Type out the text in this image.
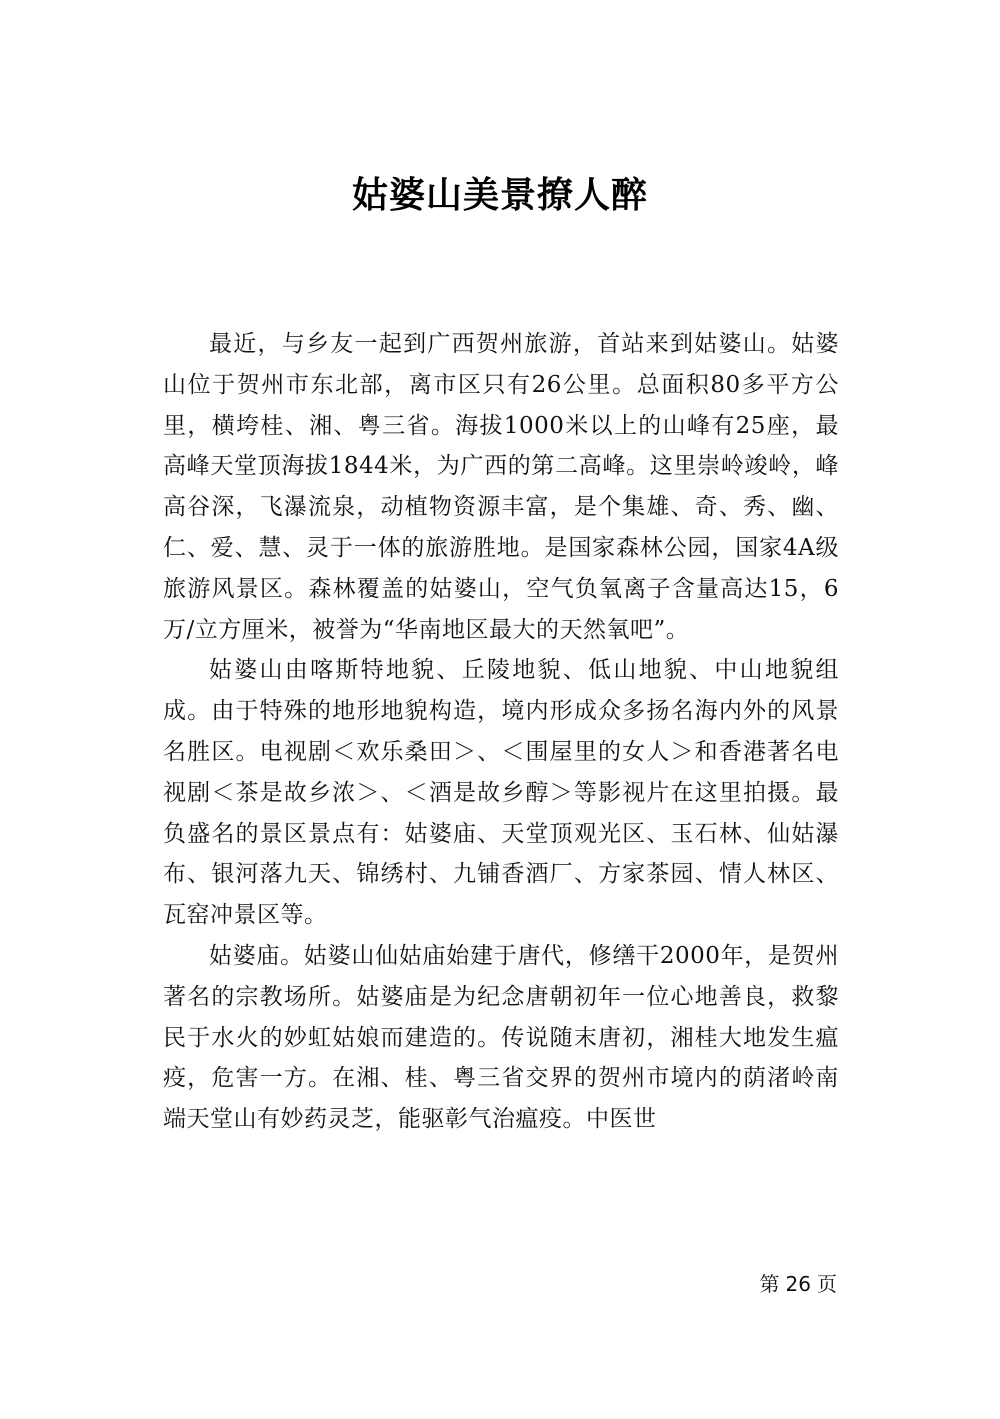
姑婆山美景撩人醉

最近，与乡友一起到广西贺州旅游，首站来到姑婆山。姑婆山位于贺州市东北部，离市区只有26公里。总面积80多平方公里，横垮桂、湘、粤三省。海拔1000米以上的山峰有25座，最高峰天堂顶海拔1844米，为广西的第二高峰。这里崇岭竣岭，峰高谷深，飞瀑流泉，动植物资源丰富，是个集雄、奇、秀、幽、仁、爱、慧、灵于一体的旅游胜地。是国家森林公园，国家4A级旅游风景区。森林覆盖的姑婆山，空气负氧离子含量高达15，6万/立方厘米，被誉为“华南地区最大的天然氧吧”。

姑婆山由喀斯特地貌、丘陵地貌、低山地貌、中山地貌组成。由于特殊的地形地貌构造，境内形成众多扬名海内外的风景名胜区。电视剧＜欢乐桑田＞、＜围屋里的女人＞和香港著名电视剧＜茶是故乡浓＞、＜酒是故乡醇＞等影视片在这里拍摄。最负盛名的景区景点有：姑婆庙、天堂顶观光区、玉石林、仙姑瀑布、银河落九天、锦绣村、九铺香酒厂、方家茶园、情人林区、瓦窑冲景区等。

姑婆庙。姑婆山仙姑庙始建于唐代，修缮干2000年，是贺州著名的宗教场所。姑婆庙是为纪念唐朝初年一位心地善良，救黎民于水火的妙虹姑娘而建造的。传说随末唐初，湘桂大地发生瘟疫，危害一方。在湘、桂、粤三省交界的贺州市境内的荫渚岭南端天堂山有妙药灵芝，能驱彰气治瘟疫。中医世

第 26 页
